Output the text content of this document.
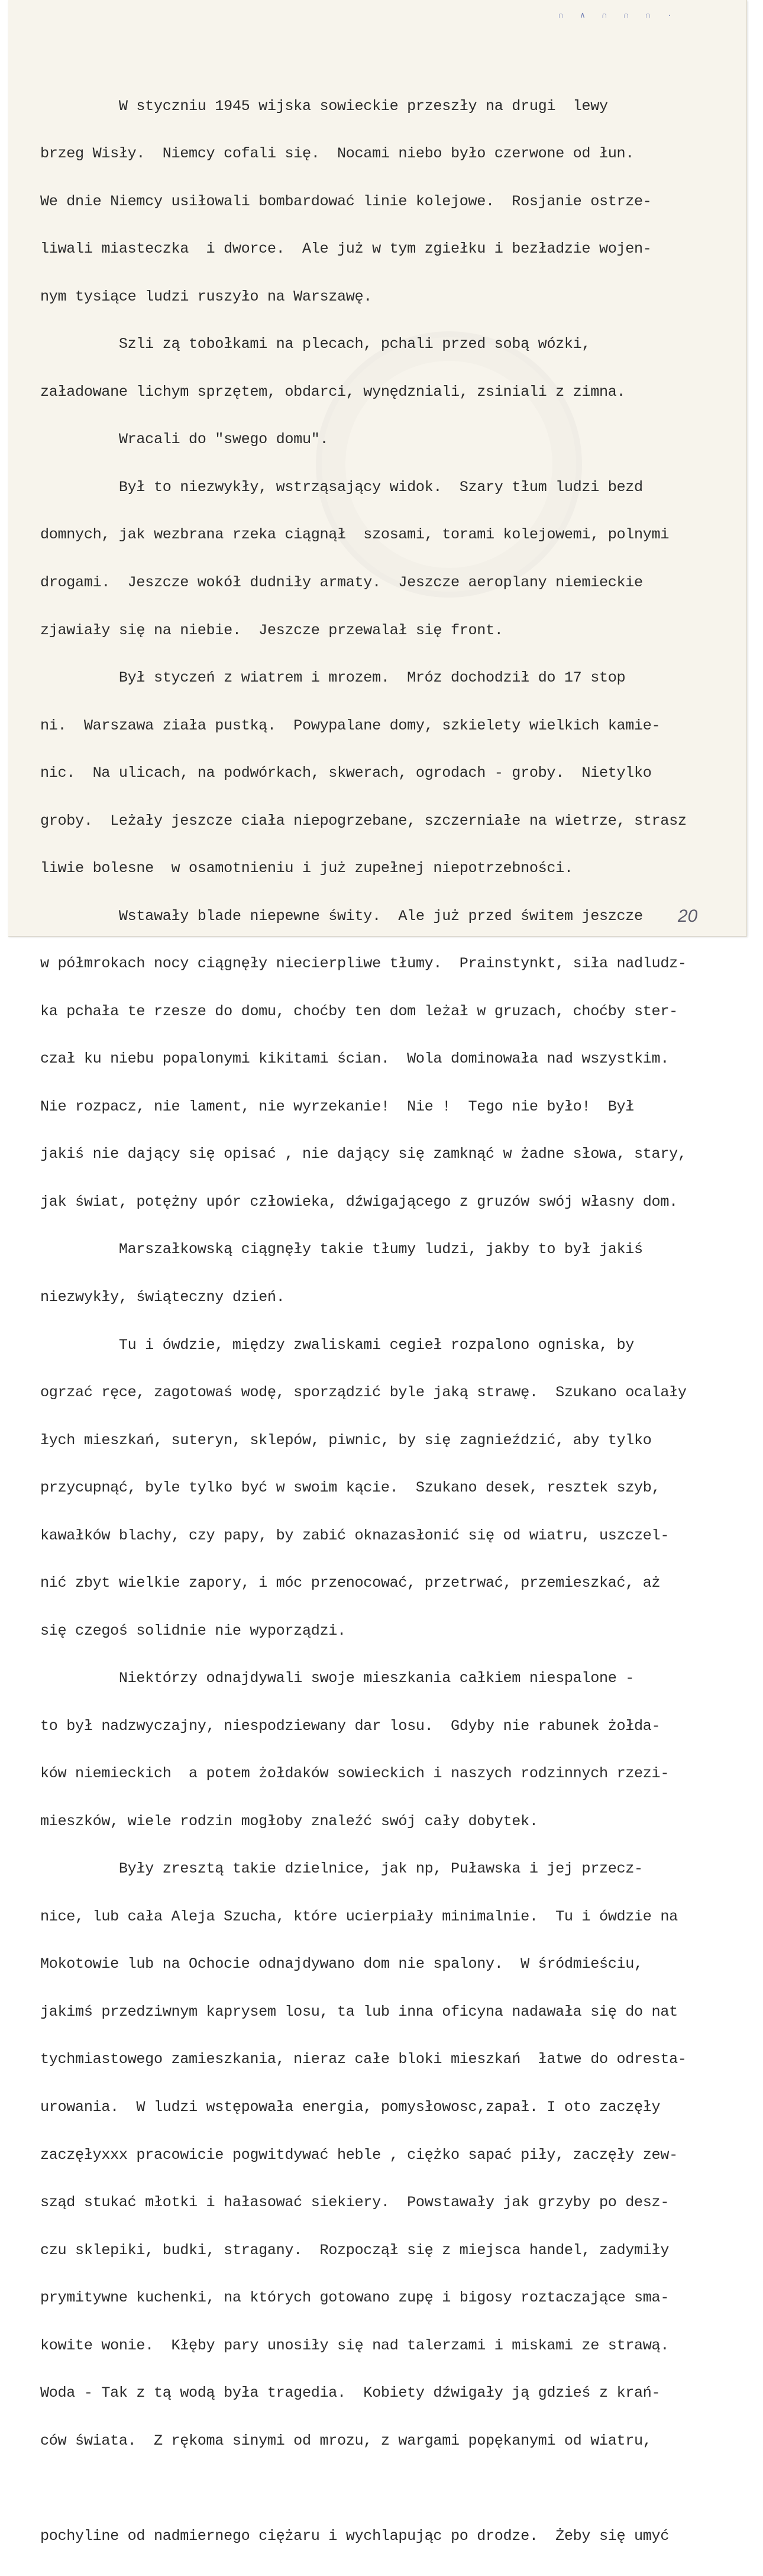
∩ ∧ ∩ ∩ ∩ ·

W styczniu 1945 wijska sowieckie przeszły na drugi  lewy

brzeg Wisły.  Niemcy cofali się.  Nocami niebo było czerwone od łun.

We dnie Niemcy usiłowali bombardować linie kolejowe.  Rosjanie ostrze-

liwali miasteczka  i dworce.  Ale już w tym zgiełku i bezładzie wojen-

nym tysiące ludzi ruszyło na Warszawę.

Szli zą tobołkami na plecach, pchali przed sobą wózki,

załadowane lichym sprzętem, obdarci, wynędzniali, zsiniali z zimna.

Wracali do "swego domu".

Był to niezwykły, wstrząsający widok.  Szary tłum ludzi bezd

domnych, jak wezbrana rzeka ciągnął  szosami, torami kolejowemi, polnymi

drogami.  Jeszcze wokół dudniły armaty.  Jeszcze aeroplany niemieckie

zjawiały się na niebie.  Jeszcze przewalał się front.

Był styczeń z wiatrem i mrozem.  Mróz dochodził do 17 stop

ni.  Warszawa ziała pustką.  Powypalane domy, szkielety wielkich kamie-

nic.  Na ulicach, na podwórkach, skwerach, ogrodach - groby.  Nietylko

groby.  Leżały jeszcze ciała niepogrzebane, szczerniałe na wietrze, strasz

liwie bolesne  w osamotnieniu i już zupełnej niepotrzebności.

Wstawały blade niepewne świty.  Ale już przed świtem jeszcze

w półmrokach nocy ciągnęły niecierpliwe tłumy.  Prainstynkt, siła nadludz-

ka pchała te rzesze do domu, choćby ten dom leżał w gruzach, choćby ster-

czał ku niebu popalonymi kikitami ścian.  Wola dominowała nad wszystkim.

Nie rozpacz, nie lament, nie wyrzekanie!  Nie !  Tego nie było!  Był

jakiś nie dający się opisać , nie dający się zamknąć w żadne słowa, stary,

jak świat, potężny upór człowieka, dźwigającego z gruzów swój własny dom.

Marszałkowską ciągnęły takie tłumy ludzi, jakby to był jakiś

niezwykły, świąteczny dzień.

Tu i ówdzie, między zwaliskami cegieł rozpalono ogniska, by

ogrzać ręce, zagotowaś wodę, sporządzić byle jaką strawę.  Szukano ocalały

łych mieszkań, suteryn, sklepów, piwnic, by się zagnieździć, aby tylko

przycupnąć, byle tylko być w swoim kącie.  Szukano desek, resztek szyb,

kawałków blachy, czy papy, by zabić oknazasłonić się od wiatru, uszczel-

nić zbyt wielkie zapory, i móc przenocować, przetrwać, przemieszkać, aż

się czegoś solidnie nie wyporządzi.

Niektórzy odnajdywali swoje mieszkania całkiem niespalone -

to był nadzwyczajny, niespodziewany dar losu.  Gdyby nie rabunek żołda-

ków niemieckich  a potem żołdaków sowieckich i naszych rodzinnych rzezi-

mieszków, wiele rodzin mogłoby znaleźć swój cały dobytek.

Były zresztą takie dzielnice, jak np, Puławska i jej przecz-

nice, lub cała Aleja Szucha, które ucierpiały minimalnie.  Tu i ówdzie na

Mokotowie lub na Ochocie odnajdywano dom nie spalony.  W śródmieściu,

jakimś przedziwnym kaprysem losu, ta lub inna oficyna nadawała się do nat

tychmiastowego zamieszkania, nieraz całe bloki mieszkań  łatwe do odresta-

urowania.  W ludzi wstępowała energia, pomysłowosc,zapał. I oto zaczęły

zaczęłyxxx pracowicie pogwitdywać heble , ciężko sapać piły, zaczęły zew-

sząd stukać młotki i hałasować siekiery.  Powstawały jak grzyby po desz-

czu sklepiki, budki, stragany.  Rozpoczął się z miejsca handel, zadymiły

prymitywne kuchenki, na których gotowano zupę i bigosy roztaczające sma-

kowite wonie.  Kłęby pary unosiły się nad talerzami i miskami ze strawą.

Woda - Tak z tą wodą była tragedia.  Kobiety dźwigały ją gdzieś z krań-

ców świata.  Z rękoma sinymi od mrozu, z wargami popękanymi od wiatru,

pochyline od nadmiernego ciężaru i wychlapując po drodze.  Żeby się umyć

20
